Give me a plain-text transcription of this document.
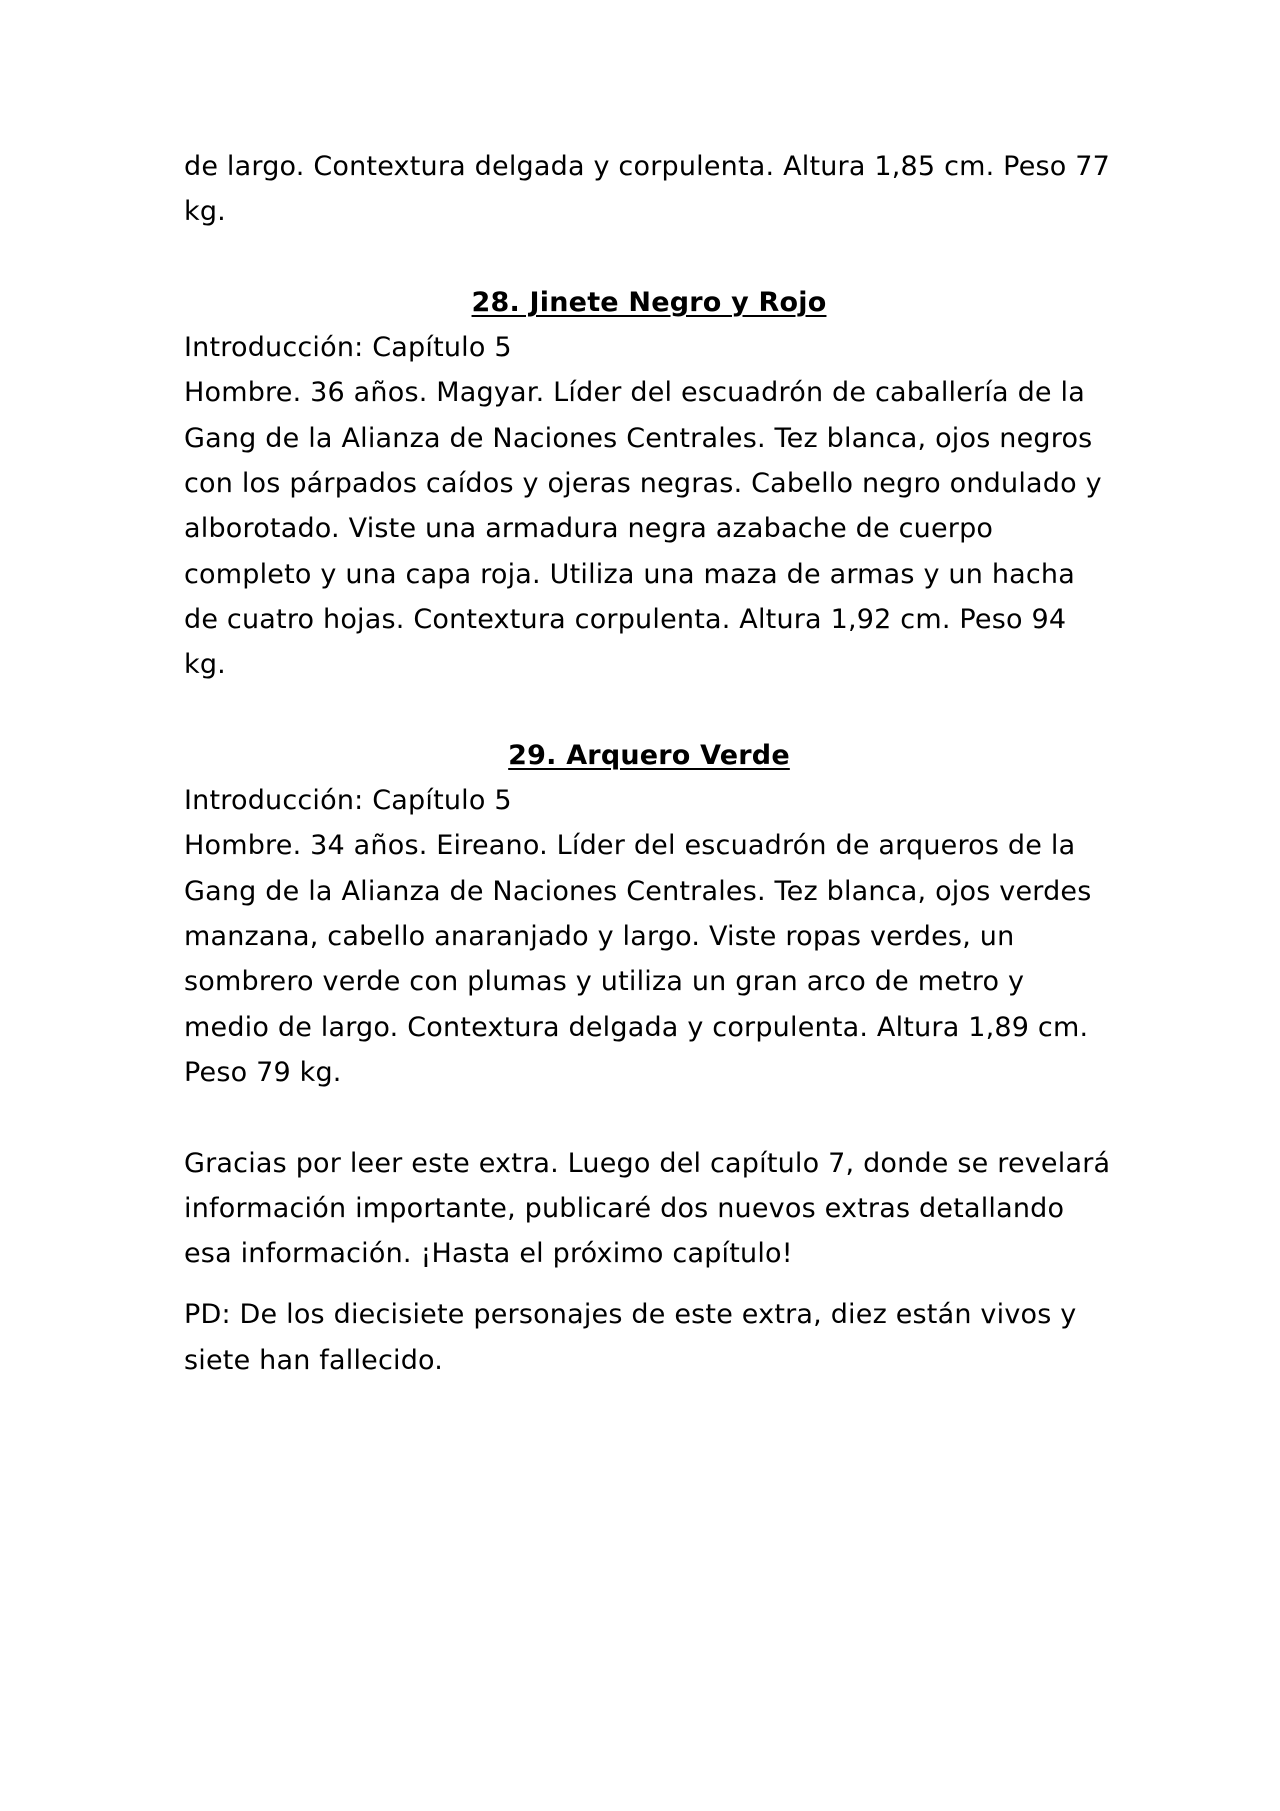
de largo. Contextura delgada y corpulenta. Altura 1,85 cm. Peso 77 kg.

28. Jinete Negro y Rojo

Introducción: Capítulo 5

Hombre. 36 años. Magyar. Líder del escuadrón de caballería de la Gang de la Alianza de Naciones Centrales. Tez blanca, ojos negros con los párpados caídos y ojeras negras. Cabello negro ondulado y alborotado. Viste una armadura negra azabache de cuerpo completo y una capa roja. Utiliza una maza de armas y un hacha de cuatro hojas. Contextura corpulenta. Altura 1,92 cm. Peso 94 kg.

29. Arquero Verde

Introducción: Capítulo 5

Hombre. 34 años. Eireano. Líder del escuadrón de arqueros de la Gang de la Alianza de Naciones Centrales. Tez blanca, ojos verdes manzana, cabello anaranjado y largo. Viste ropas verdes, un sombrero verde con plumas y utiliza un gran arco de metro y medio de largo. Contextura delgada y corpulenta. Altura 1,89 cm. Peso 79 kg.

Gracias por leer este extra. Luego del capítulo 7, donde se revelará información importante, publicaré dos nuevos extras detallando esa información. ¡Hasta el próximo capítulo!

PD: De los diecisiete personajes de este extra, diez están vivos y siete han fallecido.
